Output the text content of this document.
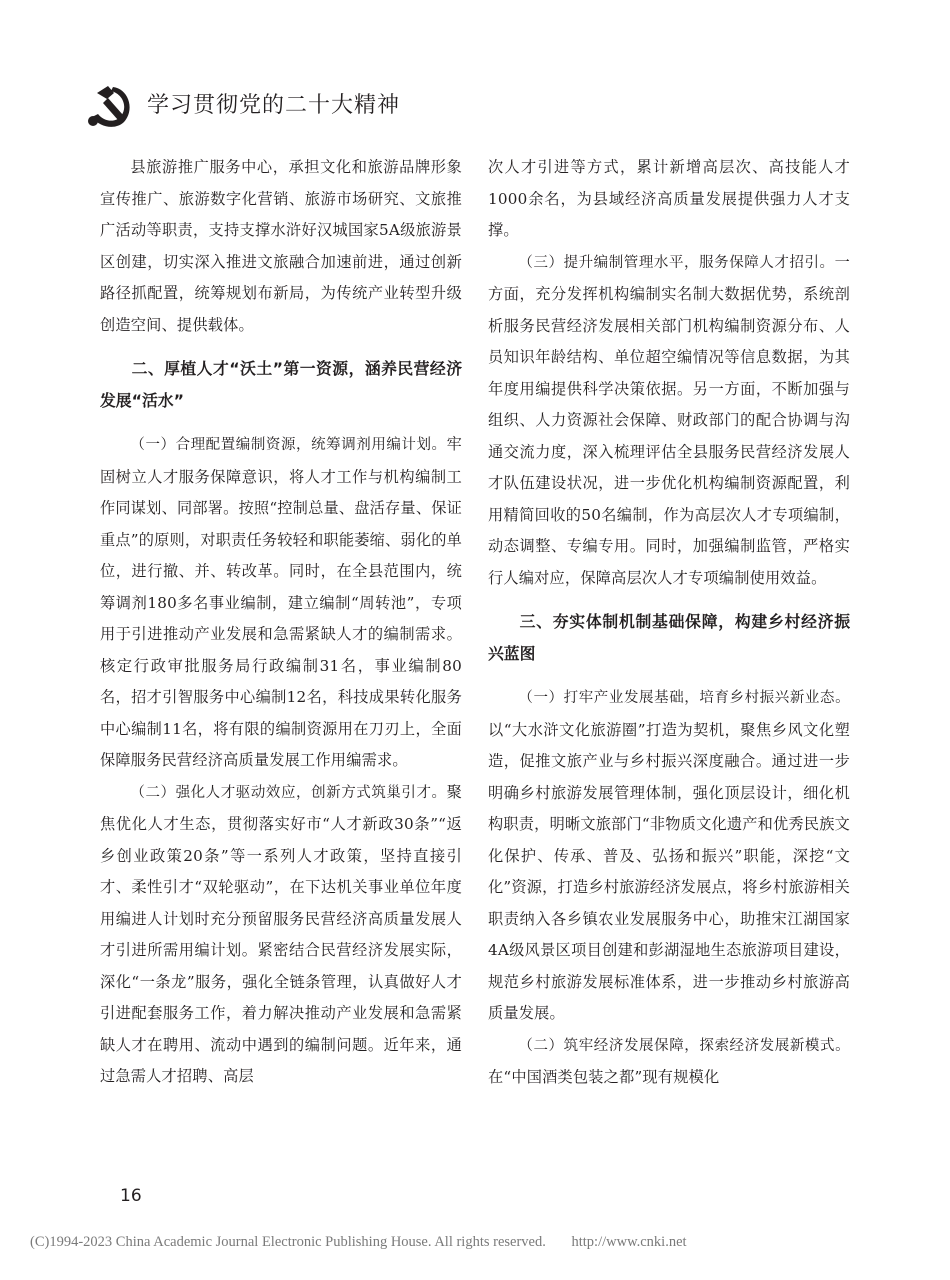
学习贯彻党的二十大精神

县旅游推广服务中心，承担文化和旅游品牌形象宣传推广、旅游数字化营销、旅游市场研究、文旅推广活动等职责，支持支撑水浒好汉城国家5A级旅游景区创建，切实深入推进文旅融合加速前进，通过创新路径抓配置，统筹规划布新局，为传统产业转型升级创造空间、提供载体。

二、厚植人才“沃土”第一资源，涵养民营经济发展“活水”

（一）合理配置编制资源，统筹调剂用编计划。牢固树立人才服务保障意识，将人才工作与机构编制工作同谋划、同部署。按照“控制总量、盘活存量、保证重点”的原则，对职责任务较轻和职能萎缩、弱化的单位，进行撤、并、转改革。同时，在全县范围内，统筹调剂180多名事业编制，建立编制“周转池”，专项用于引进推动产业发展和急需紧缺人才的编制需求。核定行政审批服务局行政编制31名，事业编制80名，招才引智服务中心编制12名，科技成果转化服务中心编制11名，将有限的编制资源用在刀刃上，全面保障服务民营经济高质量发展工作用编需求。

（二）强化人才驱动效应，创新方式筑巢引才。聚焦优化人才生态，贯彻落实好市“人才新政30条”“返乡创业政策20条”等一系列人才政策，坚持直接引才、柔性引才“双轮驱动”，在下达机关事业单位年度用编进人计划时充分预留服务民营经济高质量发展人才引进所需用编计划。紧密结合民营经济发展实际，深化“一条龙”服务，强化全链条管理，认真做好人才引进配套服务工作，着力解决推动产业发展和急需紧缺人才在聘用、流动中遇到的编制问题。近年来，通过急需人才招聘、高层

次人才引进等方式，累计新增高层次、高技能人才1000余名，为县域经济高质量发展提供强力人才支撑。

（三）提升编制管理水平，服务保障人才招引。一方面，充分发挥机构编制实名制大数据优势，系统剖析服务民营经济发展相关部门机构编制资源分布、人员知识年龄结构、单位超空编情况等信息数据，为其年度用编提供科学决策依据。另一方面，不断加强与组织、人力资源社会保障、财政部门的配合协调与沟通交流力度，深入梳理评估全县服务民营经济发展人才队伍建设状况，进一步优化机构编制资源配置，利用精简回收的50名编制，作为高层次人才专项编制，动态调整、专编专用。同时，加强编制监管，严格实行人编对应，保障高层次人才专项编制使用效益。

三、夯实体制机制基础保障，构建乡村经济振兴蓝图

（一）打牢产业发展基础，培育乡村振兴新业态。以“大水浒文化旅游圈”打造为契机，聚焦乡风文化塑造，促推文旅产业与乡村振兴深度融合。通过进一步明确乡村旅游发展管理体制，强化顶层设计，细化机构职责，明晰文旅部门“非物质文化遗产和优秀民族文化保护、传承、普及、弘扬和振兴”职能，深挖“文化”资源，打造乡村旅游经济发展点，将乡村旅游相关职责纳入各乡镇农业发展服务中心，助推宋江湖国家4A级风景区项目创建和彭湖湿地生态旅游项目建设，规范乡村旅游发展标准体系，进一步推动乡村旅游高质量发展。

（二）筑牢经济发展保障，探索经济发展新模式。在“中国酒类包装之都”现有规模化

16
(C)1994-2023 China Academic Journal Electronic Publishing House. All rights reserved. http://www.cnki.net
